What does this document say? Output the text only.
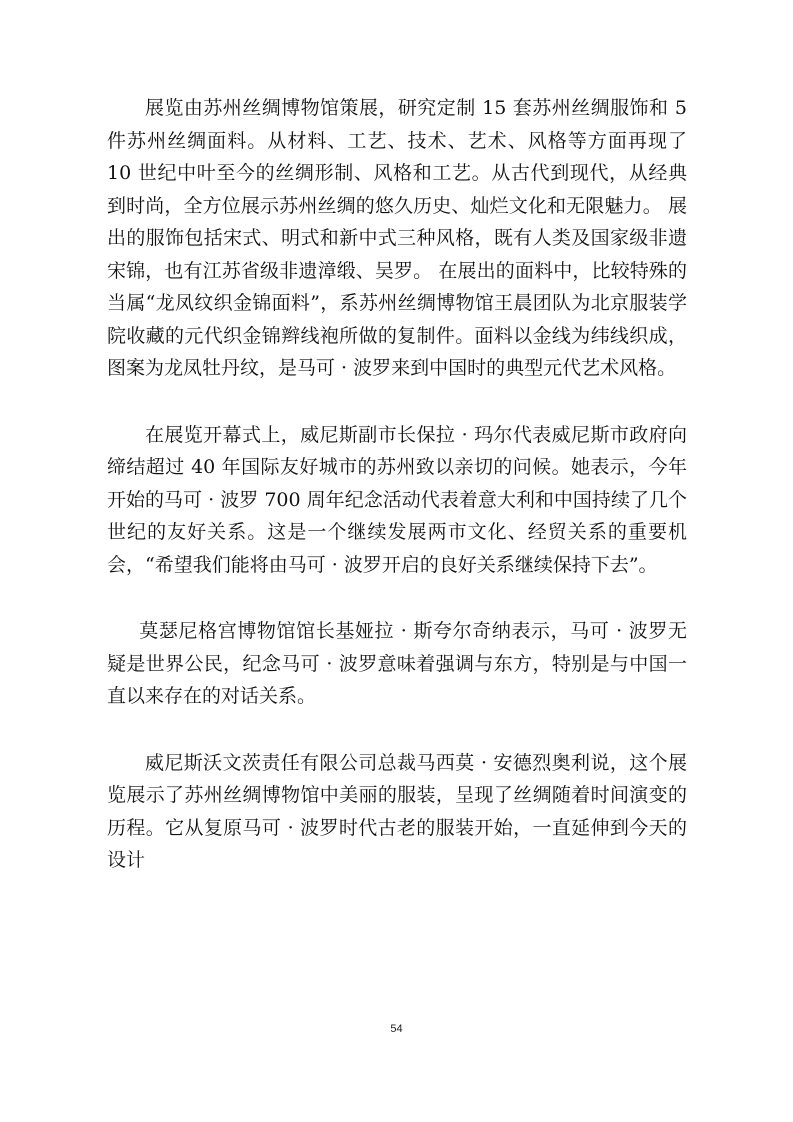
展览由苏州丝绸博物馆策展，研究定制 15 套苏州丝绸服饰和 5 件苏州丝绸面料。从材料、工艺、技术、艺术、风格等方面再现了 10 世纪中叶至今的丝绸形制、风格和工艺。从古代到现代，从经典到时尚，全方位展示苏州丝绸的悠久历史、灿烂文化和无限魅力。 展出的服饰包括宋式、明式和新中式三种风格，既有人类及国家级非遗宋锦，也有江苏省级非遗漳缎、吴罗。 在展出的面料中，比较特殊的当属“龙凤纹织金锦面料”，系苏州丝绸博物馆王晨团队为北京服装学院收藏的元代织金锦辫线袍所做的复制件。面料以金线为纬线织成，图案为龙凤牡丹纹，是马可 · 波罗来到中国时的典型元代艺术风格。

在展览开幕式上，威尼斯副市长保拉 · 玛尔代表威尼斯市政府向缔结超过 40 年国际友好城市的苏州致以亲切的问候。她表示，今年开始的马可 · 波罗 700 周年纪念活动代表着意大利和中国持续了几个世纪的友好关系。这是一个继续发展两市文化、经贸关系的重要机会，“希望我们能将由马可 · 波罗开启的良好关系继续保持下去”。

莫瑟尼格宫博物馆馆长基娅拉 · 斯夸尔奇纳表示，马可 · 波罗无疑是世界公民，纪念马可 · 波罗意味着强调与东方，特别是与中国一直以来存在的对话关系。

威尼斯沃文茨责任有限公司总裁马西莫 · 安德烈奥利说，这个展览展示了苏州丝绸博物馆中美丽的服装，呈现了丝绸随着时间演变的历程。它从复原马可 · 波罗时代古老的服装开始，一直延伸到今天的设计

54
